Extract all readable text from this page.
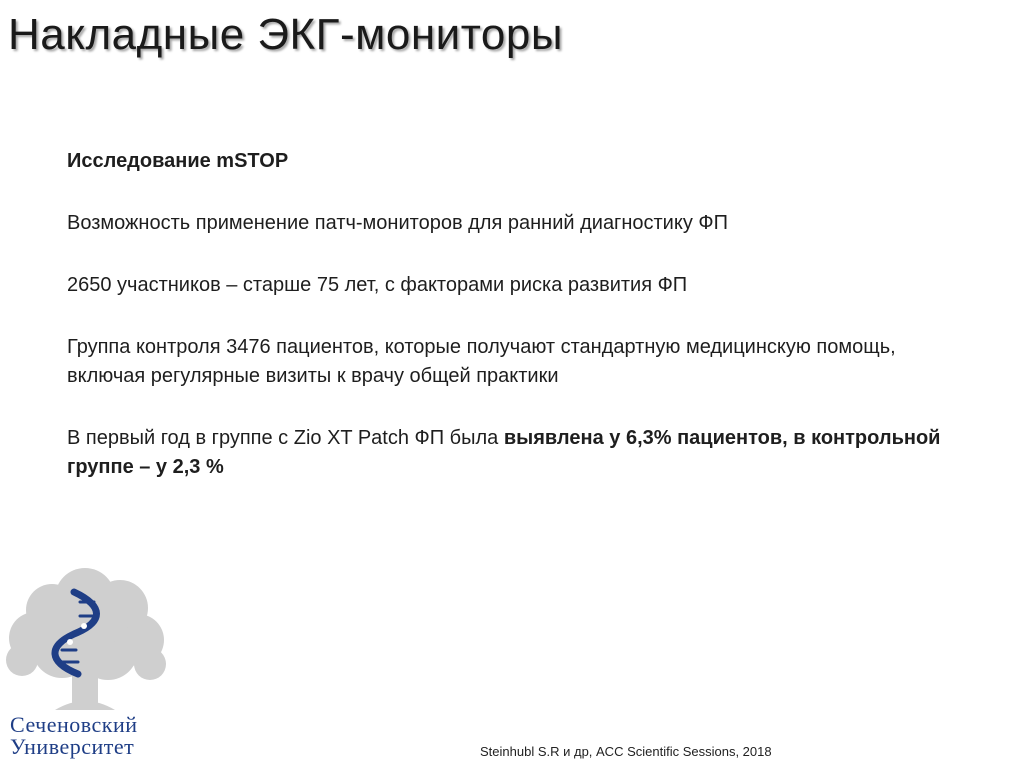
Накладные ЭКГ-мониторы

Исследование mSTOP

Возможность применение патч-мониторов для ранний диагностику ФП

2650 участников – старше 75 лет, с факторами риска развития ФП

Группа контроля 3476 пациентов, которые получают стандартную медицинскую помощь, включая регулярные визиты к врачу общей практики

В первый год в группе с Zio XT Patch ФП была выявлена у 6,3% пациентов, в контрольной группе – у 2,3 %

Сеченовский
Университет	Steinhubl S.R и др, ACC Scientific Sessions, 2018
